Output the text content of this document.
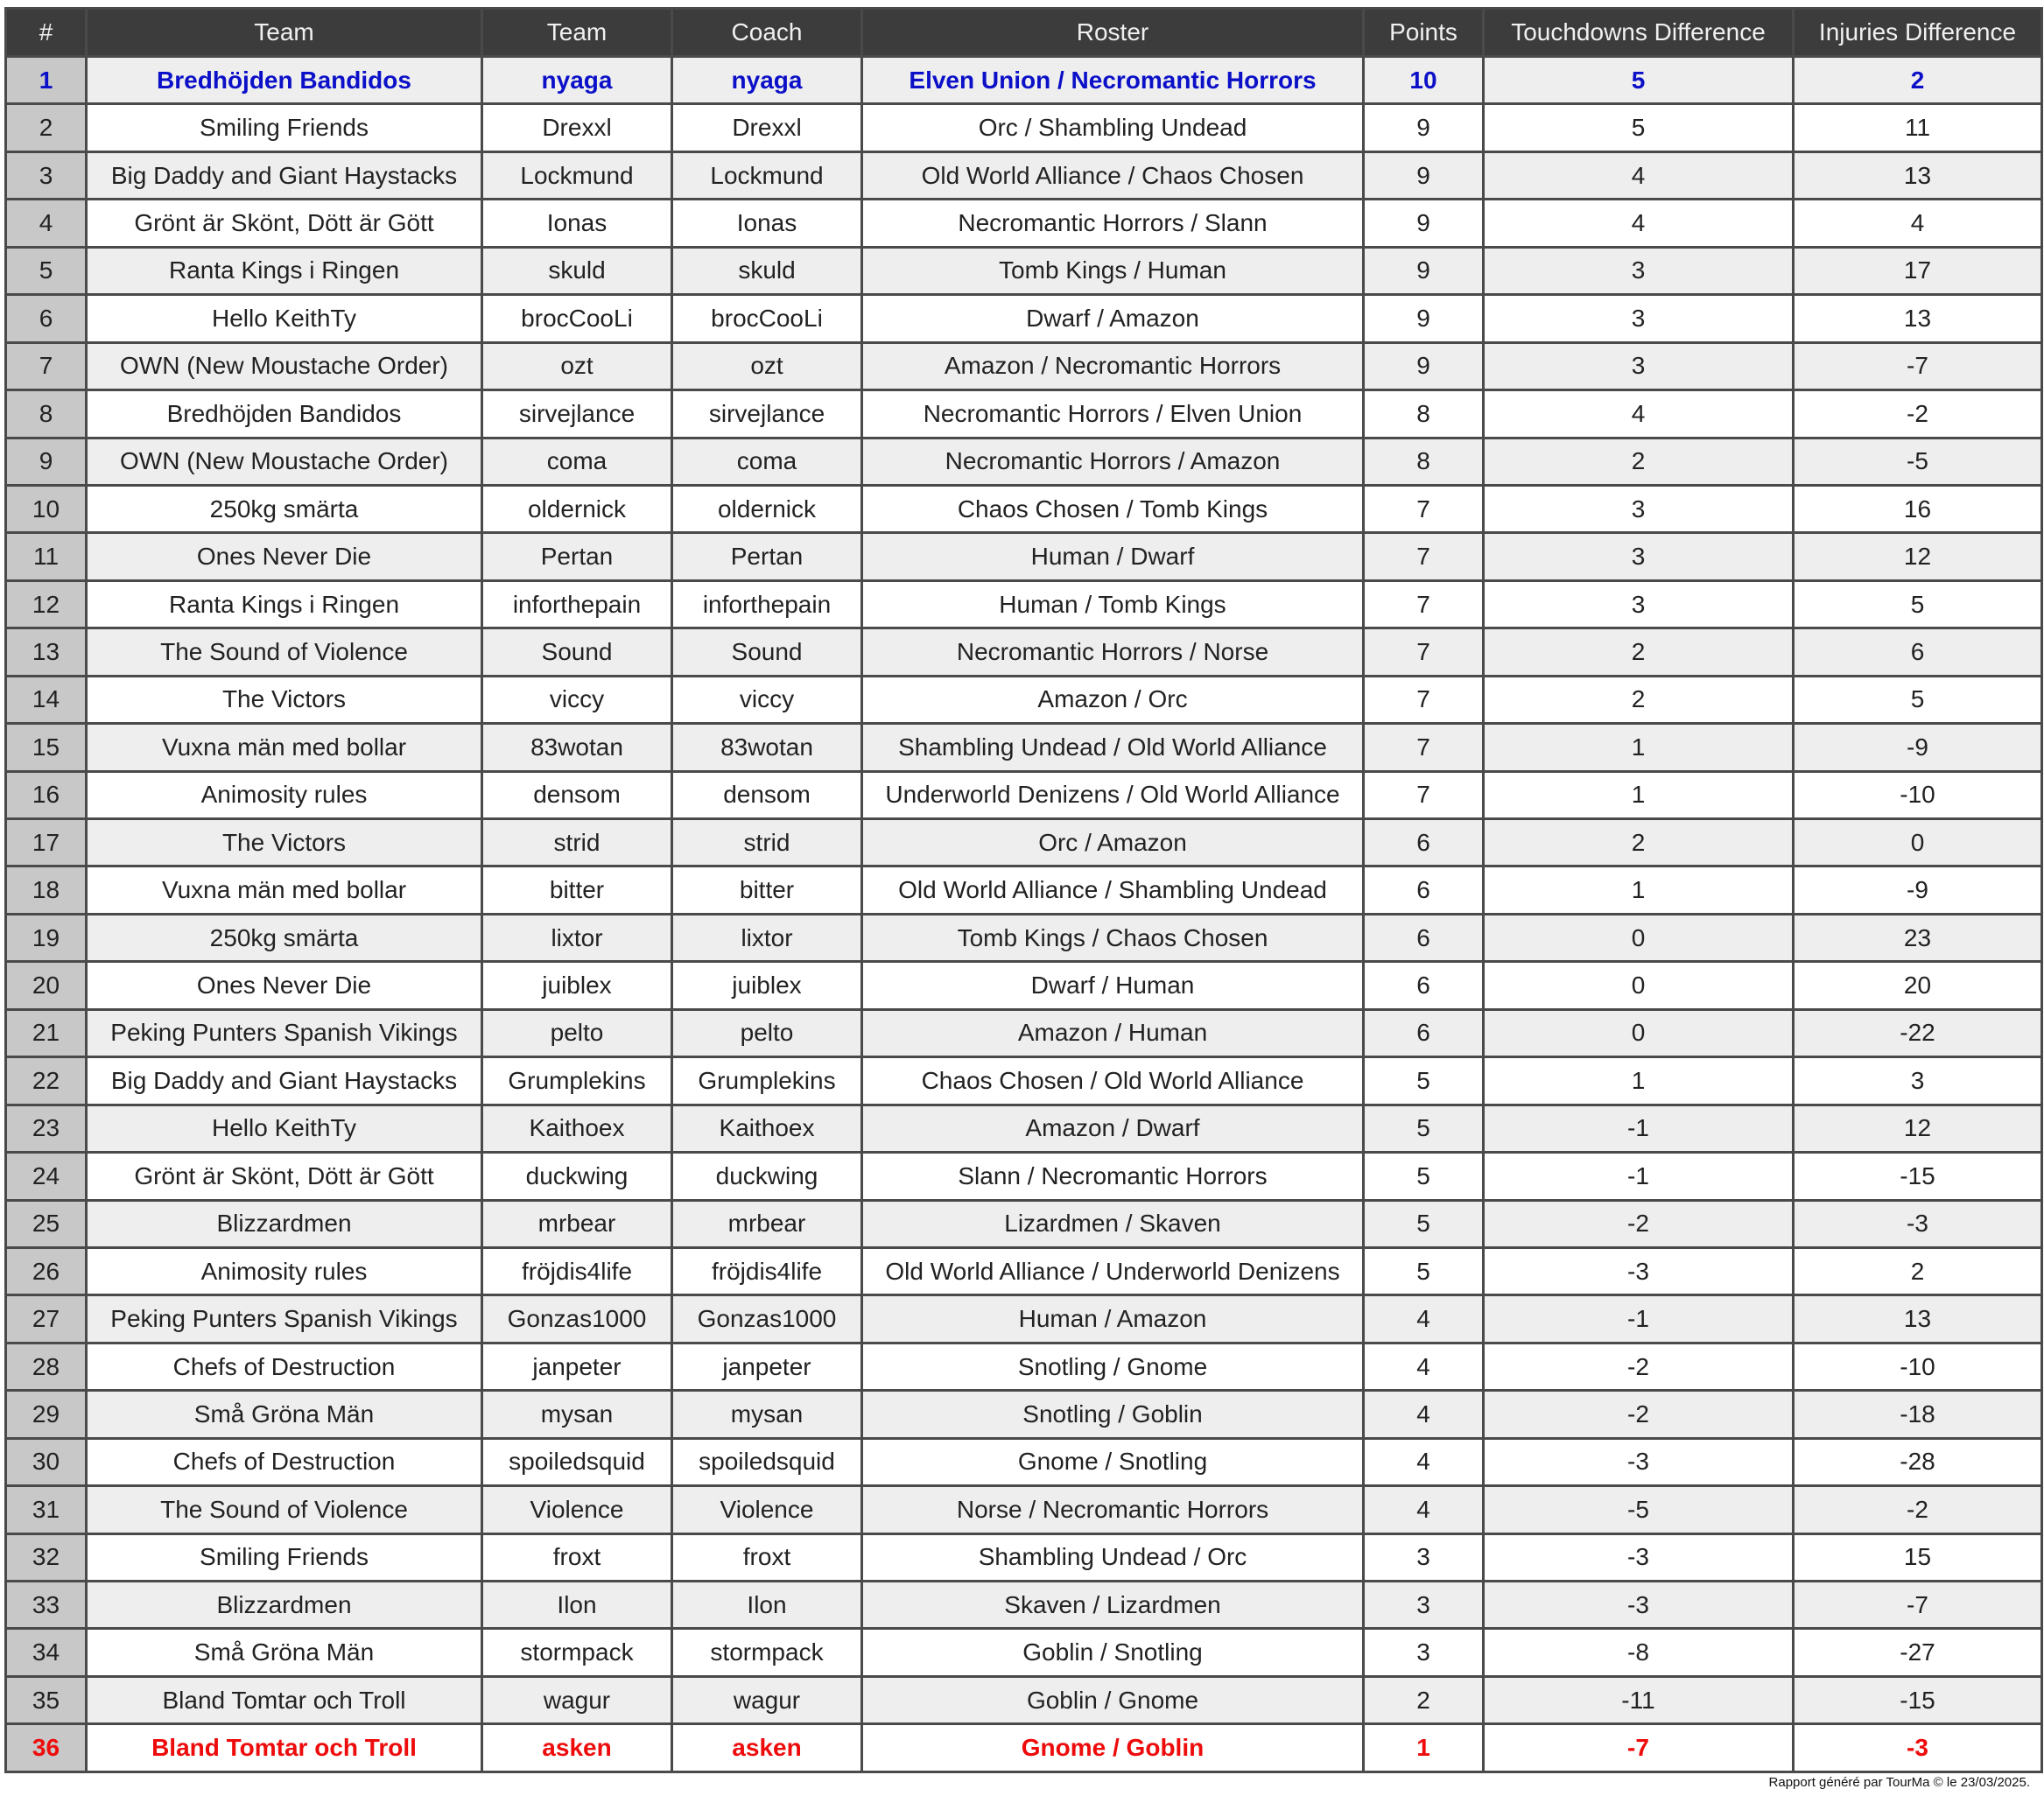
#	Team	Team	Coach	Roster	Points	Touchdowns Difference	Injuries Difference
1	Bredhöjden Bandidos	nyaga	nyaga	Elven Union / Necromantic Horrors	10	5	2
2	Smiling Friends	Drexxl	Drexxl	Orc / Shambling Undead	9	5	11
3	Big Daddy and Giant Haystacks	Lockmund	Lockmund	Old World Alliance / Chaos Chosen	9	4	13
4	Grönt är Skönt, Dött är Gött	Ionas	Ionas	Necromantic Horrors / Slann	9	4	4
5	Ranta Kings i Ringen	skuld	skuld	Tomb Kings / Human	9	3	17
6	Hello KeithTy	brocCooLi	brocCooLi	Dwarf / Amazon	9	3	13
7	OWN (New Moustache Order)	ozt	ozt	Amazon / Necromantic Horrors	9	3	-7
8	Bredhöjden Bandidos	sirvejlance	sirvejlance	Necromantic Horrors / Elven Union	8	4	-2
9	OWN (New Moustache Order)	coma	coma	Necromantic Horrors / Amazon	8	2	-5
10	250kg smärta	oldernick	oldernick	Chaos Chosen / Tomb Kings	7	3	16
11	Ones Never Die	Pertan	Pertan	Human / Dwarf	7	3	12
12	Ranta Kings i Ringen	inforthepain	inforthepain	Human / Tomb Kings	7	3	5
13	The Sound of Violence	Sound	Sound	Necromantic Horrors / Norse	7	2	6
14	The Victors	viccy	viccy	Amazon / Orc	7	2	5
15	Vuxna män med bollar	83wotan	83wotan	Shambling Undead / Old World Alliance	7	1	-9
16	Animosity rules	densom	densom	Underworld Denizens / Old World Alliance	7	1	-10
17	The Victors	strid	strid	Orc / Amazon	6	2	0
18	Vuxna män med bollar	bitter	bitter	Old World Alliance / Shambling Undead	6	1	-9
19	250kg smärta	lixtor	lixtor	Tomb Kings / Chaos Chosen	6	0	23
20	Ones Never Die	juiblex	juiblex	Dwarf / Human	6	0	20
21	Peking Punters Spanish Vikings	pelto	pelto	Amazon / Human	6	0	-22
22	Big Daddy and Giant Haystacks	Grumplekins	Grumplekins	Chaos Chosen / Old World Alliance	5	1	3
23	Hello KeithTy	Kaithoex	Kaithoex	Amazon / Dwarf	5	-1	12
24	Grönt är Skönt, Dött är Gött	duckwing	duckwing	Slann / Necromantic Horrors	5	-1	-15
25	Blizzardmen	mrbear	mrbear	Lizardmen / Skaven	5	-2	-3
26	Animosity rules	fröjdis4life	fröjdis4life	Old World Alliance / Underworld Denizens	5	-3	2
27	Peking Punters Spanish Vikings	Gonzas1000	Gonzas1000	Human / Amazon	4	-1	13
28	Chefs of Destruction	janpeter	janpeter	Snotling / Gnome	4	-2	-10
29	Små Gröna Män	mysan	mysan	Snotling / Goblin	4	-2	-18
30	Chefs of Destruction	spoiledsquid	spoiledsquid	Gnome / Snotling	4	-3	-28
31	The Sound of Violence	Violence	Violence	Norse / Necromantic Horrors	4	-5	-2
32	Smiling Friends	froxt	froxt	Shambling Undead / Orc	3	-3	15
33	Blizzardmen	Ilon	Ilon	Skaven / Lizardmen	3	-3	-7
34	Små Gröna Män	stormpack	stormpack	Goblin / Snotling	3	-8	-27
35	Bland Tomtar och Troll	wagur	wagur	Goblin / Gnome	2	-11	-15
36	Bland Tomtar och Troll	asken	asken	Gnome / Goblin	1	-7	-3
Rapport généré par TourMa © le 23/03/2025.
